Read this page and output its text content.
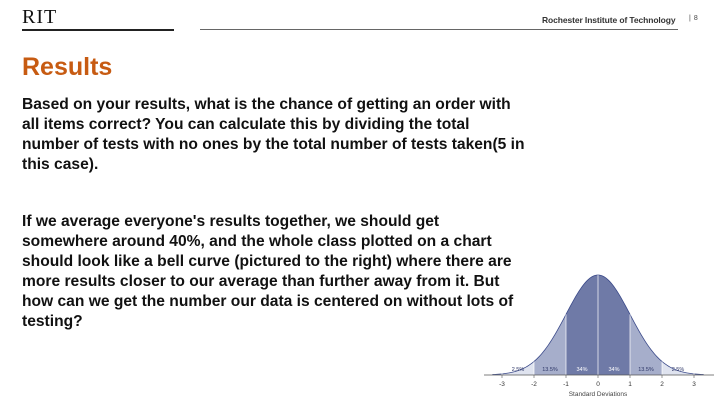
RIT	Rochester Institute of Technology
|	8
Results

Based on your results, what is the chance of getting an order with all items correct? You can calculate this by dividing the total number of tests with no ones by the total number of tests taken(5 in this case).

If we average everyone's results together, we should get somewhere around 40%, and the whole class plotted on a chart should look like a bell curve (pictured to the right) where there are more results closer to our average than further away from it. But how can we get the number our data is centered on without lots of testing?

2.5%	13.5%	34%	34%	13.5%	2.5%
-3	-2	-1	0	1	2	3
Standard Deviations
